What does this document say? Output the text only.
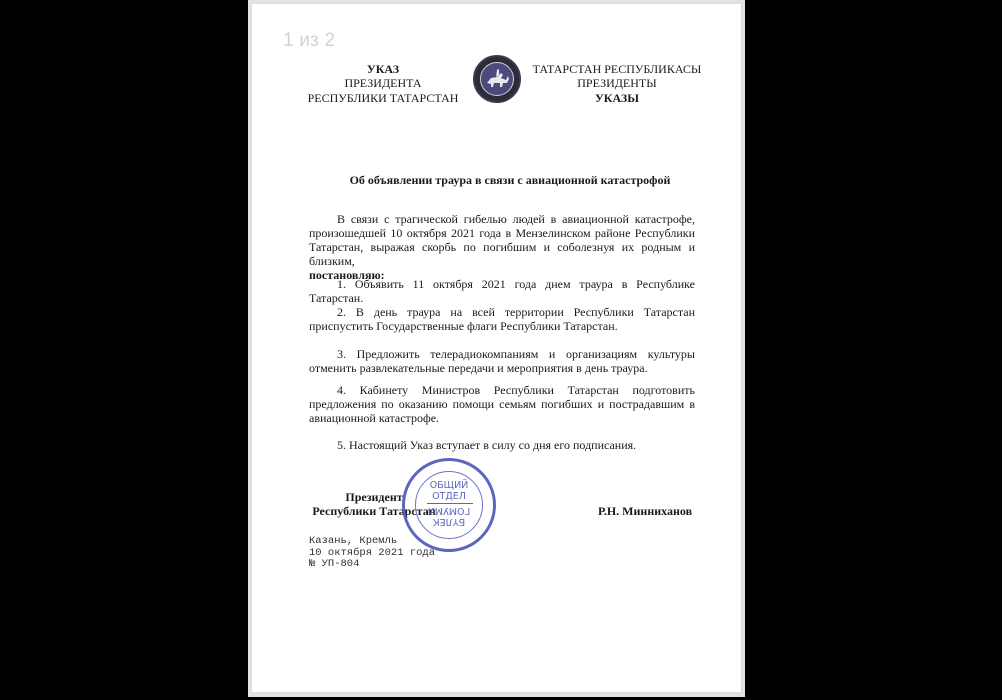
1 из 2
УКАЗ
ПРЕЗИДЕНТА
РЕСПУБЛИКИ ТАТАРСТАН
ТАТАРСТАН РЕСПУБЛИКАСЫ
ПРЕЗИДЕНТЫ
УКАЗЫ
Об объявлении траура в связи с авиационной катастрофой
В связи с трагической гибелью людей в авиационной катастрофе, произошедшей 10 октября 2021 года в Мензелинском районе Республики Татарстан, выражая скорбь по погибшим и соболезнуя их родным и близким,
постановляю:
1. Объявить 11 октября 2021 года днем траура в Республике Татарстан.
2. В день траура на всей территории Республики Татарстан приспустить Государственные флаги Республики Татарстан.
3. Предложить телерадиокомпаниям и организациям культуры отменить развлекательные передачи и мероприятия в день траура.
4. Кабинету Министров Республики Татарстан подготовить предложения по оказанию помощи семьям погибших и пострадавшим в авиационной катастрофе.
5. Настоящий Указ вступает в силу со дня его подписания.
Президент
Республики Татарстан
ОБЩИЙ
ОТДЕЛ
БҮЛЕК
ГОМУМИ	Р.Н. Минниханов
Казань, Кремль
10 октября 2021 года
№ УП-804
